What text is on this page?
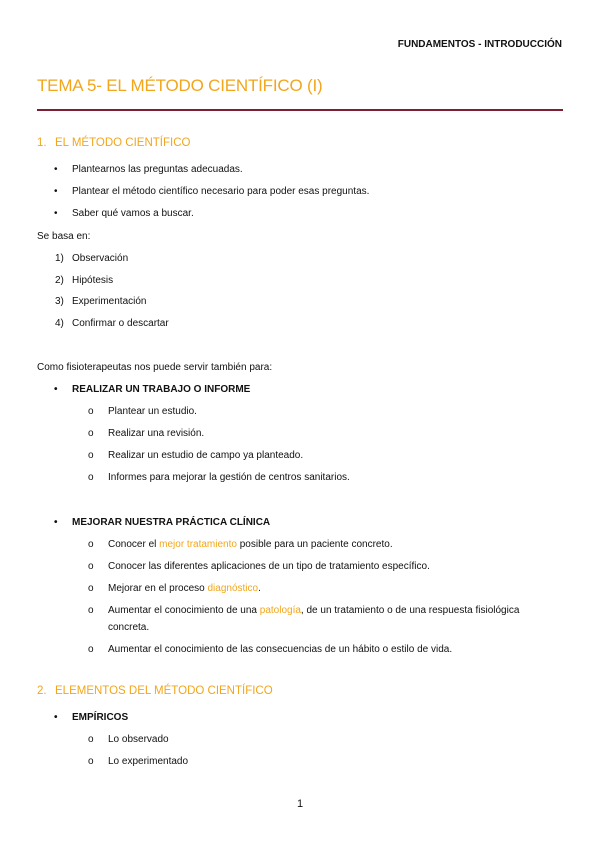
FUNDAMENTOS - INTRODUCCIÓN
TEMA 5- EL MÉTODO CIENTÍFICO (I)
1. EL MÉTODO CIENTÍFICO
• Plantearnos las preguntas adecuadas.
• Plantear el método científico necesario para poder esas preguntas.
• Saber qué vamos a buscar.
Se basa en:
1) Observación
2) Hipótesis
3) Experimentación
4) Confirmar o descartar
Como fisioterapeutas nos puede servir también para:
• REALIZAR UN TRABAJO O INFORME
o Plantear un estudio.
o Realizar una revisión.
o Realizar un estudio de campo ya planteado.
o Informes para mejorar la gestión de centros sanitarios.
• MEJORAR NUESTRA PRÁCTICA CLÍNICA
o Conocer el mejor tratamiento posible para un paciente concreto.
o Conocer las diferentes aplicaciones de un tipo de tratamiento específico.
o Mejorar en el proceso diagnóstico.
o Aumentar el conocimiento de una patología, de un tratamiento o de una respuesta fisiológica
concreta.
o Aumentar el conocimiento de las consecuencias de un hábito o estilo de vida.
2. ELEMENTOS DEL MÉTODO CIENTÍFICO
• EMPÍRICOS
o Lo observado
o Lo experimentado
1
